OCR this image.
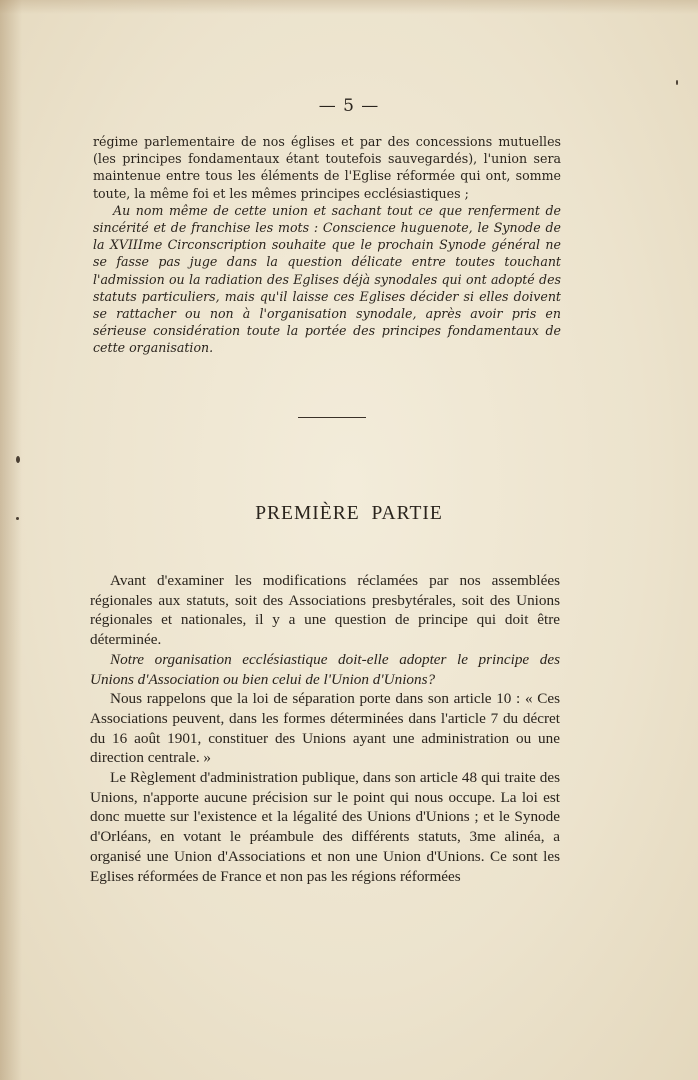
— 5 —

régime parlementaire de nos églises et par des concessions mutuelles (les principes fondamentaux étant toutefois sauvegardés), l'union sera maintenue entre tous les éléments de l'Eglise réformée qui ont, somme toute, la même foi et les mêmes principes ecclésiastiques ;

Au nom même de cette union et sachant tout ce que renferment de sincérité et de franchise les mots : Conscience huguenote, le Synode de la XVIIIme Circonscription souhaite que le prochain Synode général ne se fasse pas juge dans la question délicate entre toutes touchant l'admission ou la radiation des Eglises déjà synodales qui ont adopté des statuts particuliers, mais qu'il laisse ces Eglises décider si elles doivent se rattacher ou non à l'organisation synodale, après avoir pris en sérieuse considération toute la portée des principes fondamentaux de cette organisation.

PREMIÈRE PARTIE

Avant d'examiner les modifications réclamées par nos assemblées régionales aux statuts, soit des Associations presbytérales, soit des Unions régionales et nationales, il y a une question de principe qui doit être déterminée.

Notre organisation ecclésiastique doit-elle adopter le principe des Unions d'Association ou bien celui de l'Union d'Unions?

Nous rappelons que la loi de séparation porte dans son article 10 : « Ces Associations peuvent, dans les formes déterminées dans l'article 7 du décret du 16 août 1901, constituer des Unions ayant une administration ou une direction centrale. »

Le Règlement d'administration publique, dans son article 48 qui traite des Unions, n'apporte aucune précision sur le point qui nous occupe. La loi est donc muette sur l'existence et la légalité des Unions d'Unions ; et le Synode d'Orléans, en votant le préambule des différents statuts, 3me alinéa, a organisé une Union d'Associations et non une Union d'Unions. Ce sont les Eglises réformées de France et non pas les régions réformées
